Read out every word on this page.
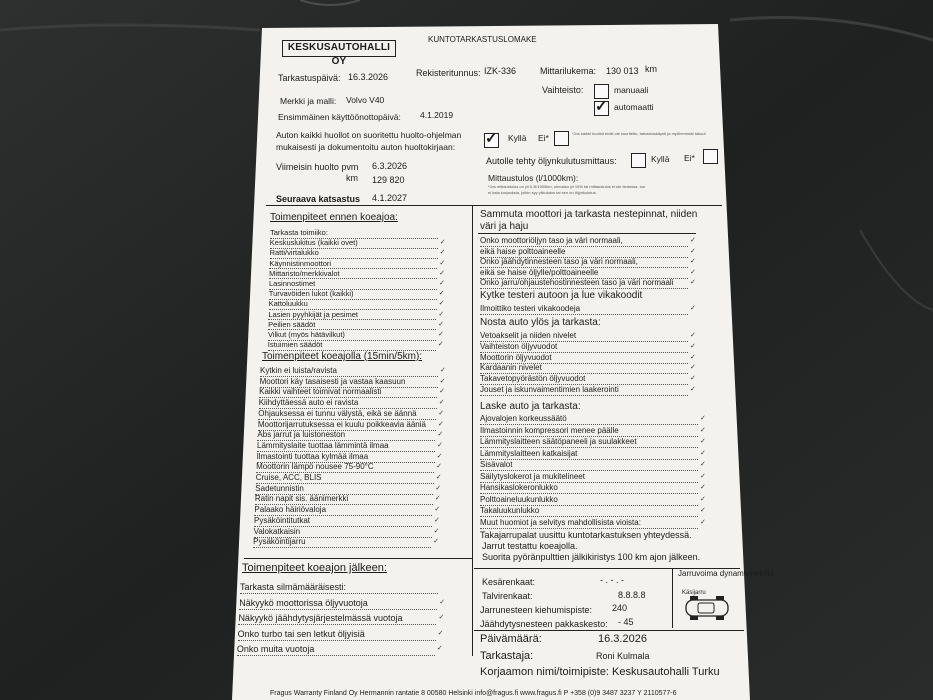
KESKUSAUTOHALLI OY
KUNTOTARKASTUSLOMAKE
Tarkastuspäivä: 16.3.2026	Rekisteritunnus: IZK-336	Mittarilukema: 130 013 km
Merkki ja malli: Volvo V40
Vaihteisto:	manuaali
✓ automaatti
Ensimmäinen käyttöönottopäivä: 4.1.2019
Auton kaikki huollot on suoritettu huolto-ohjelman
mukaisesti ja dokumentoitu auton huoltokirjaan: ✓ Kyllä Ei*	*Jos kaikki huollot eivät ole suoritettu, tarkastuskäynti ja myöhemmät takuut
Viimeisin huolto pvm 6.3.2026
km 129 820
Seuraava katsastus 4.1.2027
Autolle tehty öljynkulutusmittaus:	Kyllä Ei*
Mittaustulos (l/1000km):
*Jos mittaustulos on yli 0,3l/1000km, ohmaisu yli 15% tai mittaustulos ei ole tiedossa, tuo
ei kata korjauksia, joihin syy ylikulutus tai sen on öljynkulutus.
Toimenpiteet ennen koeajoa:
Tarkasta toimiiko:
Keskuslukitus (kaikki ovet)	✓
Ratti/virtalukko	✓
Käynnistinmoottori	✓
Mittaristo/merkkivalot	✓
Lasinnostimet	✓
Turvavöiden lukot (kaikki)	✓
Kattoluukku	✓
Lasien pyyhkijät ja pesimet	✓
Peilien säädöt	✓
Vilkut (myös hätävilkut)	✓
Istuimien säädöt	✓
Toimenpiteet koeajolla (15min/5km):
Kytkin ei luista/ravista	✓
Moottori käy tasaisesti ja vastaa kaasuun	✓
Kaikki vaihteet toimivat normaalisti	✓
Kiihdyttäessä auto ei ravista	✓
Ohjauksessa ei tunnu välystä, eikä se äännä	✓
Moottorijarrutuksessa ei kuulu poikkeavia ääniä ✓
Abs jarrut ja luistoneston	✓
Lämmityslaite tuottaa lämmintä ilmaa	✓
Ilmastointi tuottaa kylmää ilmaa	✓
Moottorin lämpö nousee 75-90°C	✓
Cruise, ACC, BLIS	✓
Sadetunnistin	✓
Ratin napit sis. äänimerkki	✓
Palaako häiriövaloja	✓
Pysäköintitutkat	✓
Valokatkaisin	✓
Pysäköintijarru	✓
Toimenpiteet koeajon jälkeen:
Tarkasta silmämääräisesti:
Näkyykö moottorissa öljyvuotoja	✓
Näkyykö jäähdytysjärjestelmässä vuotoja	✓
Onko turbo tai sen letkut öljyisiä	✓
Onko muita vuotoja	✓
Sammuta moottori ja tarkasta nestepinnat, niiden
väri ja haju
Onko moottoriöljyn taso ja väri normaali,	✓
eikä haise polttoaineelle	✓
Onko jäähdytinnesteen taso ja väri normaali,	✓
eikä se haise öljylle/polttoaineelle	✓
Onko jarru/ohjaustehostinnesteen taso ja väri normaali ✓
Kytke testeri autoon ja lue vikakoodit
Ilmoittiko testeri vikakoodeja	✓
Nosta auto ylös ja tarkasta:
Vetoakselit ja niiden nivelet	✓
Vaihteiston öljyvuodot	✓
Moottorin öljyvuodot	✓
Kardaanin nivelet	✓
Takavetopyörästön öljyvuodot	✓
Jouset ja iskunvaimentimien laakerointi	✓
Laske auto ja tarkasta:
Ajovalojen korkeussäätö	✓
Ilmastoinnin kompressori menee päälle	✓
Lämmityslaitteen säätöpaneeli ja suulakkeet	✓
Lämmityslaitteen katkaisijat	✓
Sisävalot	✓
Säilytyslokerot ja mukitelineet	✓
Hansikaslokeronlukko	✓
Polttoaineluukunlukko	✓
Takaluukunlukko	✓
Muut huomiot ja selvitys mahdollisista vioista:	✓
Takajarrupalat uusittu kuntotarkastuksen yhteydessä.
Jarrut testattu koeajolla.
Suorita pyöränpulttien jälkikiristys 100 km ajon jälkeen.
Kesärenkaat:	- . - . -
Talvirenkaat:	8.8.8.8
Jarrunesteen kiehumispiste: 240
Jäähdytysnesteen pakkaskesto: - 45
Jarruvoima dynamometrillä
Käsijarru
Päivämäärä:	16.3.2026
Tarkastaja:	Roni Kulmala
Korjaamon nimi/toimipiste: Keskusautohalli Turku
Fragus Warranty Finland Oy Hermannin rantatie 8 00580 Helsinki info@fragus.fi www.fragus.fi P +358 (0)9 3487 3237 Y 2110577-6
